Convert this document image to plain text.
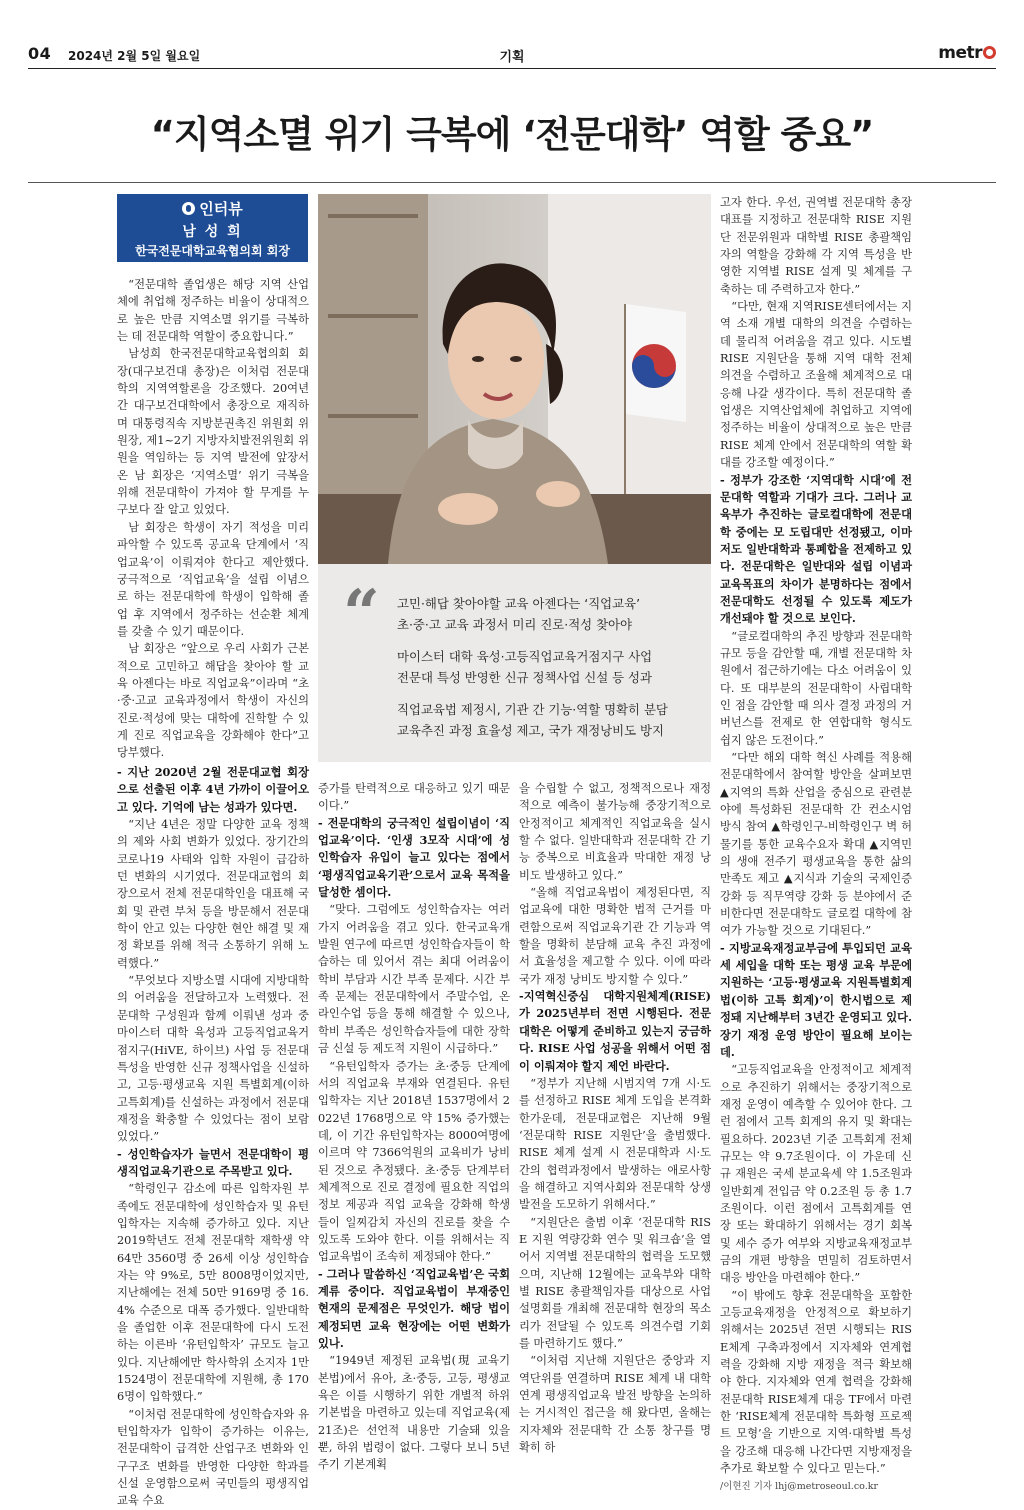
04 2024년 2월 5일 월요일	기획	metr
“지역소멸 위기 극복에 ‘전문대학’ 역할 중요”
인터뷰
남 성 희
한국전문대학교육협의회 회장
“ 고민·해답 찾아야할 교육 아젠다는 ‘직업교육’
초·중·고 교육 과정서 미리 진로·적성 찾아야
마이스터 대학 육성·고등직업교육거점지구 사업
전문대 특성 반영한 신규 정책사업 신설 등 성과
직업교육법 제정시, 기관 간 기능·역할 명확히 분담
교육추진 과정 효율성 제고, 국가 재정낭비도 방지

“전문대학 졸업생은 해당 지역 산업체에 취업해 정주하는 비율이 상대적으로 높은 만큼 지역소멸 위기를 극복하는 데 전문대학 역할이 중요합니다.”

남성희 한국전문대학교육협의회 회장(대구보건대 총장)은 이처럼 전문대학의 지역역할론을 강조했다. 20여년간 대구보건대학에서 총장으로 재직하며 대통령직속 지방분권촉진 위원회 위원장, 제1~2기 지방자치발전위원회 위원을 역임하는 등 지역 발전에 앞장서 온 남 회장은 ‘지역소멸’ 위기 극복을 위해 전문대학이 가져야 할 무게를 누구보다 잘 알고 있었다.

남 회장은 학생이 자기 적성을 미리 파악할 수 있도록 공교육 단계에서 ‘직업교육’이 이뤄져야 한다고 제안했다. 궁극적으로 ‘직업교육’을 설립 이념으로 하는 전문대학에 학생이 입학해 졸업 후 지역에서 정주하는 선순환 체계를 갖출 수 있기 때문이다.

남 회장은 “앞으로 우리 사회가 근본적으로 고민하고 해답을 찾아야 할 교육 아젠다는 바로 직업교육”이라며 “초·중·고교 교육과정에서 학생이 자신의 진로·적성에 맞는 대학에 진학할 수 있게 진로 직업교육을 강화해야 한다”고 당부했다.

- 지난 2020년 2월 전문대교협 회장으로 선출된 이후 4년 가까이 이끌어오고 있다. 기억에 남는 성과가 있다면.

“지난 4년은 정말 다양한 교육 정책의 제와 사회 변화가 있었다. 장기간의 코로나19 사태와 입학 자원이 급감하던 변화의 시기였다. 전문대교협의 회장으로서 전체 전문대학인을 대표해 국회 및 관련 부처 등을 방문해서 전문대학이 안고 있는 다양한 현안 해결 및 재정 확보를 위해 적극 소통하기 위해 노력했다.”

“무엇보다 지방소멸 시대에 지방대학의 어려움을 전달하고자 노력했다. 전문대학 구성원과 함께 이뤄낸 성과 중 마이스터 대학 육성과 고등직업교육거점지구(HiVE, 하이브) 사업 등 전문대 특성을 반영한 신규 정책사업을 신설하고, 고등·평생교육 지원 특별회계(이하 고특회계)를 신설하는 과정에서 전문대 재정을 확충할 수 있었다는 점이 보람있었다.”

- 성인학습자가 늘면서 전문대학이 평생직업교육기관으로 주목받고 있다.

“학령인구 감소에 따른 입학자원 부족에도 전문대학에 성인학습자 및 유턴입학자는 지속해 증가하고 있다. 지난 2019학년도 전체 전문대학 재학생 약 64만 3560명 중 26세 이상 성인학습자는 약 9%로, 5만 8008명이었지만, 지난해에는 전체 50만 9169명 중 16.4% 수준으로 대폭 증가했다. 일반대학을 졸업한 이후 전문대학에 다시 도전하는 이른바 ‘유턴입학자’ 규모도 늘고 있다. 지난해에만 학사학위 소지자 1만 1524명이 전문대학에 지원해, 총 1706명이 입학했다.”

“이처럼 전문대학에 성인학습자와 유턴입학자가 입학이 증가하는 이유는, 전문대학이 급격한 산업구조 변화와 인구구조 변화를 반영한 다양한 학과를 신설 운영함으로써 국민들의 평생직업교육 수요

증가를 탄력적으로 대응하고 있기 때문이다.”

- 전문대학의 궁극적인 설립이념이 ‘직업교육’이다. ‘인생 3모작 시대’에 성인학습자 유입이 늘고 있다는 점에서 ‘평생직업교육기관’으로서 교육 목적을 달성한 셈이다.

“맞다. 그럼에도 성인학습자는 여러 가지 어려움을 겪고 있다. 한국교육개발원 연구에 따르면 성인학습자들이 학습하는 데 있어서 겪는 최대 어려움이 학비 부담과 시간 부족 문제다. 시간 부족 문제는 전문대학에서 주말수업, 온라인수업 등을 통해 해결할 수 있으나, 학비 부족은 성인학습자들에 대한 장학금 신설 등 제도적 지원이 시급하다.”

“유턴입학자 증가는 초·중등 단계에서의 직업교육 부재와 연결된다. 유턴입학자는 지난 2018년 1537명에서 2022년 1768명으로 약 15% 증가했는데, 이 기간 유턴입학자는 8000여명에 이르며 약 7366억원의 교육비가 낭비된 것으로 추정됐다. 초·중등 단계부터 체계적으로 진로 결정에 필요한 직업의 정보 제공과 직업 교육을 강화해 학생들이 일찌감치 자신의 진로를 찾을 수 있도록 도와야 한다. 이를 위해서는 직업교육법이 조속히 제정돼야 한다.”

- 그러나 말씀하신 ‘직업교육법’은 국회 계류 중이다. 직업교육법이 부재중인 현재의 문제점은 무엇인가. 해당 법이 제정되면 교육 현장에는 어떤 변화가 있나.

“1949년 제정된 교육법(現 교육기본법)에서 유아, 초·중등, 고등, 평생교육은 이를 시행하기 위한 개별적 하위 기본법을 마련하고 있는데 직업교육(제21조)은 선언적 내용만 기술돼 있을 뿐, 하위 법령이 없다. 그렇다 보니 5년 주기 기본계획

을 수립할 수 없고, 정책적으로나 재정적으로 예측이 불가능해 중장기적으로 안정적이고 체계적인 직업교육을 실시할 수 없다. 일반대학과 전문대학 간 기능 중복으로 비효율과 막대한 재정 낭비도 발생하고 있다.”

“올해 직업교육법이 제정된다면, 직업교육에 대한 명확한 법적 근거를 마련함으로써 직업교육기관 간 기능과 역할을 명확히 분담해 교육 추진 과정에서 효율성을 제고할 수 있다. 이에 따라 국가 재정 낭비도 방지할 수 있다.”

-지역혁신중심 대학지원체계(RISE)가 2025년부터 전면 시행된다. 전문대학은 어떻게 준비하고 있는지 궁금하다. RISE 사업 성공을 위해서 어떤 점이 이뤄져야 할지 제언 바란다.

“정부가 지난해 시범지역 7개 시·도를 선정하고 RISE 체계 도입을 본격화한가운데, 전문대교협은 지난해 9월 ‘전문대학 RISE 지원단’을 출범했다. RISE 체계 설계 시 전문대학과 시·도 간의 협력과정에서 발생하는 애로사항을 해결하고 지역사회와 전문대학 상생 발전을 도모하기 위해서다.”

“지원단은 출범 이후 ‘전문대학 RISE 지원 역량강화 연수 및 워크숍’을 열어서 지역별 전문대학의 협력을 도모했으며, 지난해 12월에는 교육부와 대학별 RISE 총괄책임자를 대상으로 사업 설명회를 개최해 전문대학 현장의 목소리가 전달될 수 있도록 의견수렴 기회를 마련하기도 했다.”

“이처럼 지난해 지원단은 중앙과 지역단위를 연결하며 RISE 체계 내 대학 연계 평생직업교육 발전 방향을 논의하는 거시적인 접근을 해 왔다면, 올해는 지자체와 전문대학 간 소통 창구를 명확히 하

고자 한다. 우선, 권역별 전문대학 총장대표를 지정하고 전문대학 RISE 지원단 전문위원과 대학별 RISE 총괄책임자의 역할을 강화해 각 지역 특성을 반영한 지역별 RISE 설계 및 체계를 구축하는 데 주력하고자 한다.”

“다만, 현재 지역RISE센터에서는 지역 소재 개별 대학의 의견을 수렴하는 데 물리적 어려움을 겪고 있다. 시도별 RISE 지원단을 통해 지역 대학 전체 의견을 수렴하고 조율해 체계적으로 대응해 나갈 생각이다. 특히 전문대학 졸업생은 지역산업체에 취업하고 지역에 정주하는 비율이 상대적으로 높은 만큼 RISE 체계 안에서 전문대학의 역할 확대를 강조할 예정이다.”

- 정부가 강조한 ‘지역대학 시대’에 전문대학 역할과 기대가 크다. 그러나 교육부가 추진하는 글로컬대학에 전문대학 중에는 모 도립대만 선정됐고, 이마저도 일반대학과 통폐합을 전제하고 있다. 전문대학은 일반대와 설립 이념과 교육목표의 차이가 분명하다는 점에서 전문대학도 선정될 수 있도록 제도가 개선돼야 할 것으로 보인다.

“글로컬대학의 추진 방향과 전문대학 규모 등을 감안할 때, 개별 전문대학 차원에서 접근하기에는 다소 어려움이 있다. 또 대부분의 전문대학이 사립대학인 점을 감안할 때 의사 결정 과정의 거버넌스를 전제로 한 연합대학 형식도 쉽지 않은 도전이다.”

“다만 해외 대학 혁신 사례를 적용해 전문대학에서 참여할 방안을 살펴보면 ▲지역의 특화 산업을 중심으로 관련분야에 특성화된 전문대학 간 컨소시엄 방식 참여 ▲학령인구-비학령인구 벽 허물기를 통한 교육수요자 확대 ▲지역민의 생애 전주기 평생교육을 통한 삶의 만족도 제고 ▲지식과 기술의 국제인증강화 등 직무역량 강화 등 분야에서 준비한다면 전문대학도 글로컬 대학에 참여가 가능할 것으로 기대된다.”

- 지방교육재정교부금에 투입되던 교육세 세입을 대학 또는 평생 교육 부문에 지원하는 ‘고등·평생교육 지원특별회계법(이하 고특 회계)’이 한시법으로 제정돼 지난해부터 3년간 운영되고 있다. 장기 재정 운영 방안이 필요해 보이는데.

“고등직업교육을 안정적이고 체계적으로 추진하기 위해서는 중장기적으로 재정 운영이 예측할 수 있어야 한다. 그런 점에서 고특 회계의 유지 및 확대는 필요하다. 2023년 기준 고특회계 전체 규모는 약 9.7조원이다. 이 가운데 신규 재원은 국세 분교육세 약 1.5조원과 일반회계 전입금 약 0.2조원 등 총 1.7조원이다. 이런 점에서 고특회계를 연장 또는 확대하기 위해서는 경기 회복 및 세수 증가 여부와 지방교육재정교부금의 개편 방향을 면밀히 검토하면서 대응 방안을 마련해야 한다.”

“이 밖에도 향후 전문대학을 포함한 고등교육재정을 안정적으로 확보하기 위해서는 2025년 전면 시행되는 RISE체계 구축과정에서 지자체와 연계협력을 강화해 지방 재정을 적극 확보해야 한다. 지자체와 연계 협력을 강화해 전문대학 RISE체계 대응 TF에서 마련한 ‘RISE체계 전문대학 특화형 프로젝트 모형’을 기반으로 지역·대학별 특성을 강조해 대응해 나간다면 지방재정을 추가로 확보할 수 있다고 믿는다.”

/이현진 기자 lhj@metroseoul.co.kr
